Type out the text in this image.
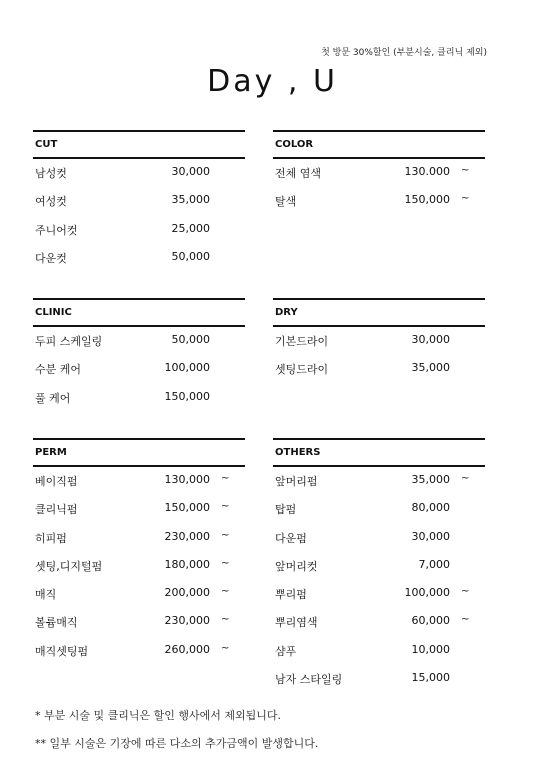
첫 방문 30%할인 (부분시술, 클리닉 제외)
Day , U
CUT
남성컷	30,000
여성컷	35,000
주니어컷	25,000
다운컷	50,000
COLOR
전체 염색	130.000 ~
탈색	150,000 ~
CLINIC
두피 스케일링	50,000
수분 케어	100,000
풀 케어	150,000
DRY
기본드라이	30,000
셋팅드라이	35,000
PERM
베이직펌	130,000 ~
클리닉펌	150,000 ~
히피펌	230,000 ~
셋팅,디지털펌	180,000 ~
매직	200,000 ~
볼륨매직	230,000 ~
매직셋팅펌	260,000 ~
OTHERS
앞머리펌	35,000 ~
탑펌	80,000
다운펌	30,000
앞머리컷	7,000
뿌리펌	100,000 ~
뿌리염색	60,000 ~
샴푸	10,000
남자 스타일링	15,000
* 부분 시술 및 클리닉은 할인 행사에서 제외됩니다.
** 일부 시술은 기장에 따른 다소의 추가금액이 발생합니다.
